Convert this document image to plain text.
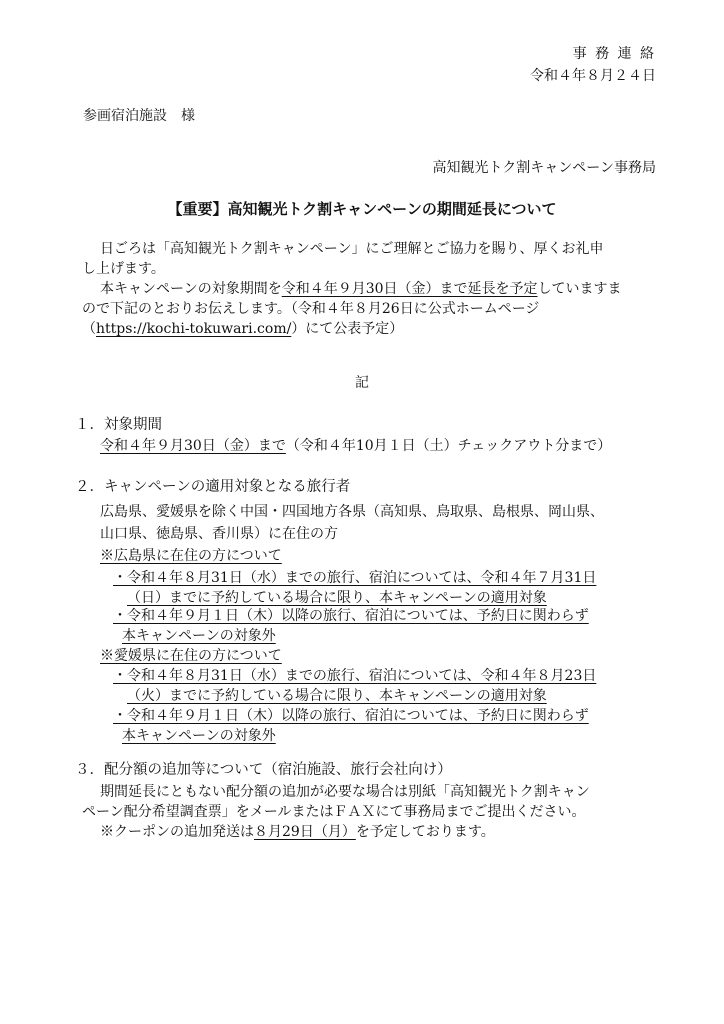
事 務 連 絡
令和４年８月２４日
参画宿泊施設　様
高知観光トク割キャンペーン事務局
【重要】高知観光トク割キャンペーンの期間延長について
日ごろは「高知観光トク割キャンペーン」にご理解とご協力を賜り、厚くお礼申
し上げます。
本キャンペーンの対象期間を令和４年９月30日（金）まで延長を予定していますま
ので下記のとおりお伝えします。（令和４年８月26日に公式ホームページ
（https://kochi-tokuwari.com/）にて公表予定）
記
１．対象期間
令和４年９月30日（金）まで（令和４年10月１日（土）チェックアウト分まで）
２．キャンペーンの適用対象となる旅行者
広島県、愛媛県を除く中国・四国地方各県（高知県、鳥取県、島根県、岡山県、
山口県、徳島県、香川県）に在住の方
※広島県に在住の方について
・令和４年８月31日（水）までの旅行、宿泊については、令和４年７月31日
（日）までに予約している場合に限り、本キャンペーンの適用対象
・令和４年９月１日（木）以降の旅行、宿泊については、予約日に関わらず
本キャンペーンの対象外
※愛媛県に在住の方について
・令和４年８月31日（水）までの旅行、宿泊については、令和４年８月23日
（火）までに予約している場合に限り、本キャンペーンの適用対象
・令和４年９月１日（木）以降の旅行、宿泊については、予約日に関わらず
本キャンペーンの対象外
３．配分額の追加等について（宿泊施設、旅行会社向け）
期間延長にともない配分額の追加が必要な場合は別紙「高知観光トク割キャン
ペーン配分希望調査票」をメールまたはＦＡＸにて事務局までご提出ください。
※クーポンの追加発送は８月29日（月）を予定しております。
